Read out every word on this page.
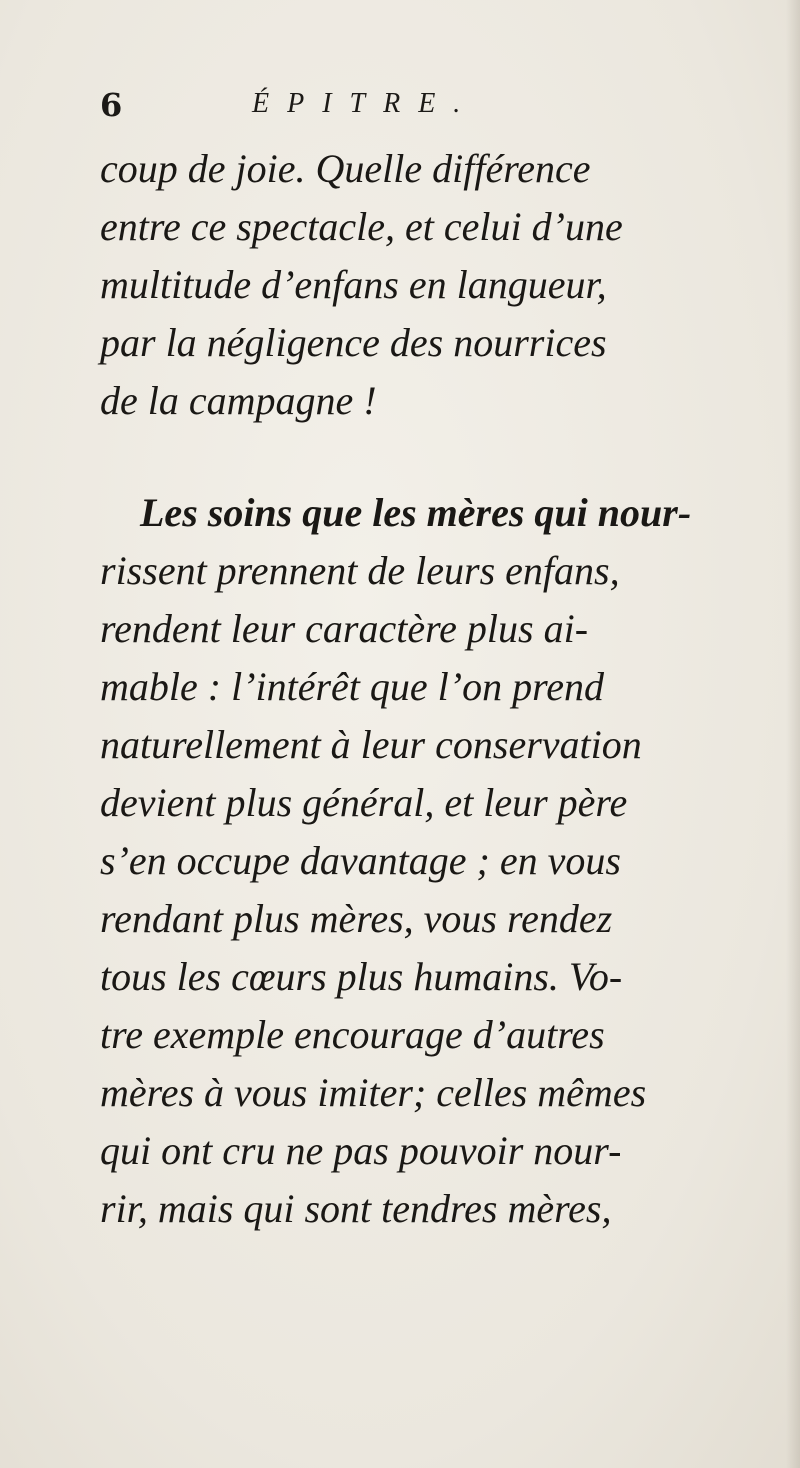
6	ÉPITRE.
coup de joie. Quelle différence
entre ce spectacle, et celui d’une
multitude d’enfans en langueur,
par la négligence des nourrices
de la campagne !
Les soins que les mères qui nour-
rissent prennent de leurs enfans,
rendent leur caractère plus ai-
mable : l’intérêt que l’on prend
naturellement à leur conservation
devient plus général, et leur père
s’en occupe davantage ; en vous
rendant plus mères, vous rendez
tous les cœurs plus humains. Vo-
tre exemple encourage d’autres
mères à vous imiter; celles mêmes
qui ont cru ne pas pouvoir nour-
rir, mais qui sont tendres mères,
